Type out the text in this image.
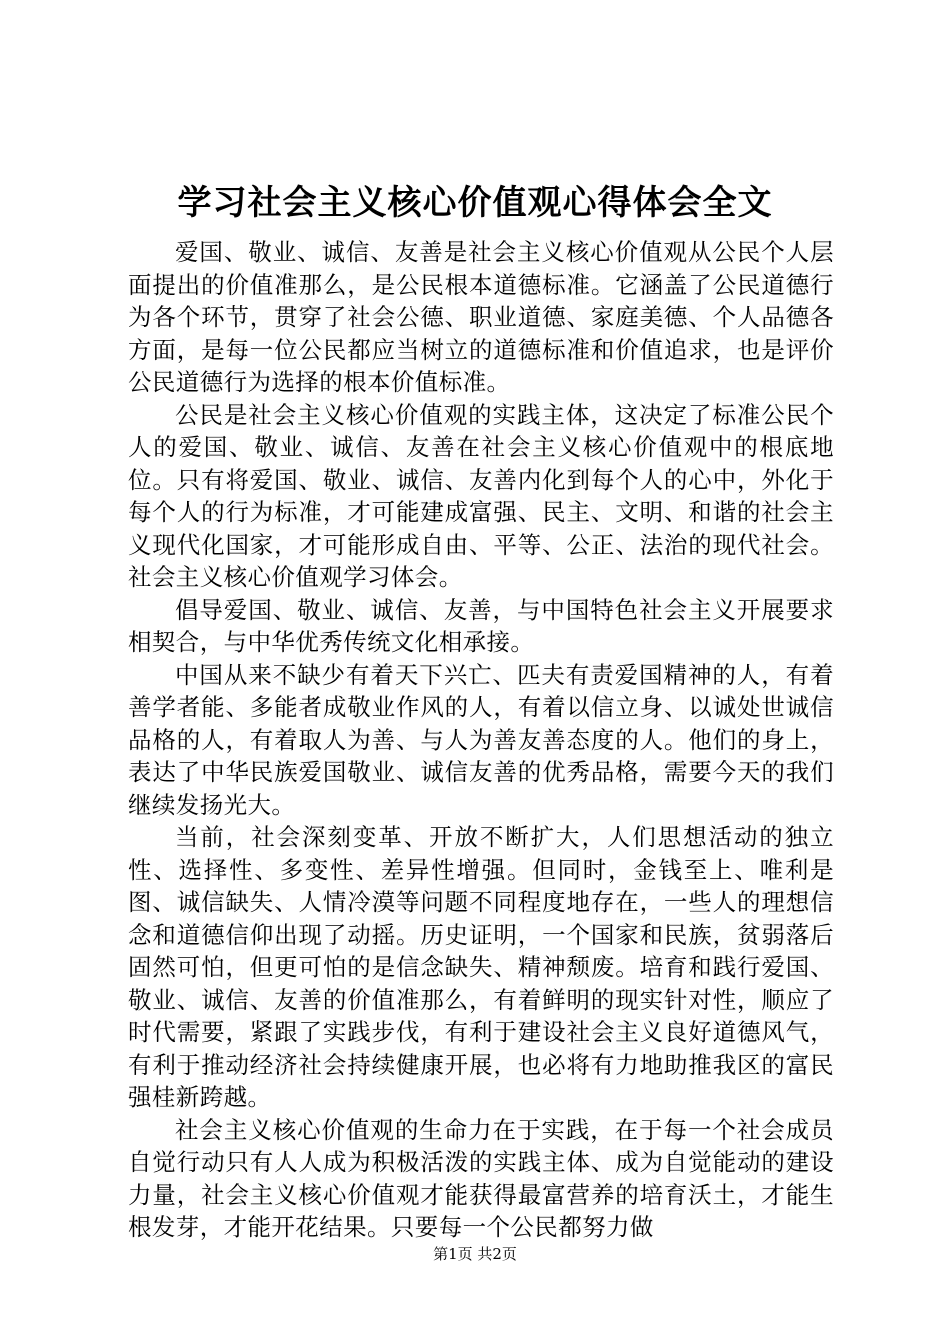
学习社会主义核心价值观心得体会全文

爱国、敬业、诚信、友善是社会主义核心价值观从公民个人层面提出的价值准那么，是公民根本道德标准。它涵盖了公民道德行为各个环节，贯穿了社会公德、职业道德、家庭美德、个人品德各方面，是每一位公民都应当树立的道德标准和价值追求，也是评价公民道德行为选择的根本价值标准。

公民是社会主义核心价值观的实践主体，这决定了标准公民个人的爱国、敬业、诚信、友善在社会主义核心价值观中的根底地位。只有将爱国、敬业、诚信、友善内化到每个人的心中，外化于每个人的行为标准，才可能建成富强、民主、文明、和谐的社会主义现代化国家，才可能形成自由、平等、公正、法治的现代社会。社会主义核心价值观学习体会。

倡导爱国、敬业、诚信、友善，与中国特色社会主义开展要求相契合，与中华优秀传统文化相承接。

中国从来不缺少有着天下兴亡、匹夫有责爱国精神的人，有着善学者能、多能者成敬业作风的人，有着以信立身、以诚处世诚信品格的人，有着取人为善、与人为善友善态度的人。他们的身上，表达了中华民族爱国敬业、诚信友善的优秀品格，需要今天的我们继续发扬光大。

当前，社会深刻变革、开放不断扩大，人们思想活动的独立性、选择性、多变性、差异性增强。但同时，金钱至上、唯利是图、诚信缺失、人情冷漠等问题不同程度地存在，一些人的理想信念和道德信仰出现了动摇。历史证明，一个国家和民族，贫弱落后固然可怕，但更可怕的是信念缺失、精神颓废。培育和践行爱国、敬业、诚信、友善的价值准那么，有着鲜明的现实针对性，顺应了时代需要，紧跟了实践步伐，有利于建设社会主义良好道德风气，有利于推动经济社会持续健康开展，也必将有力地助推我区的富民强桂新跨越。

社会主义核心价值观的生命力在于实践，在于每一个社会成员自觉行动只有人人成为积极活泼的实践主体、成为自觉能动的建设力量，社会主义核心价值观才能获得最富营养的培育沃土，才能生根发芽，才能开花结果。只要每一个公民都努力做

第1页 共2页
